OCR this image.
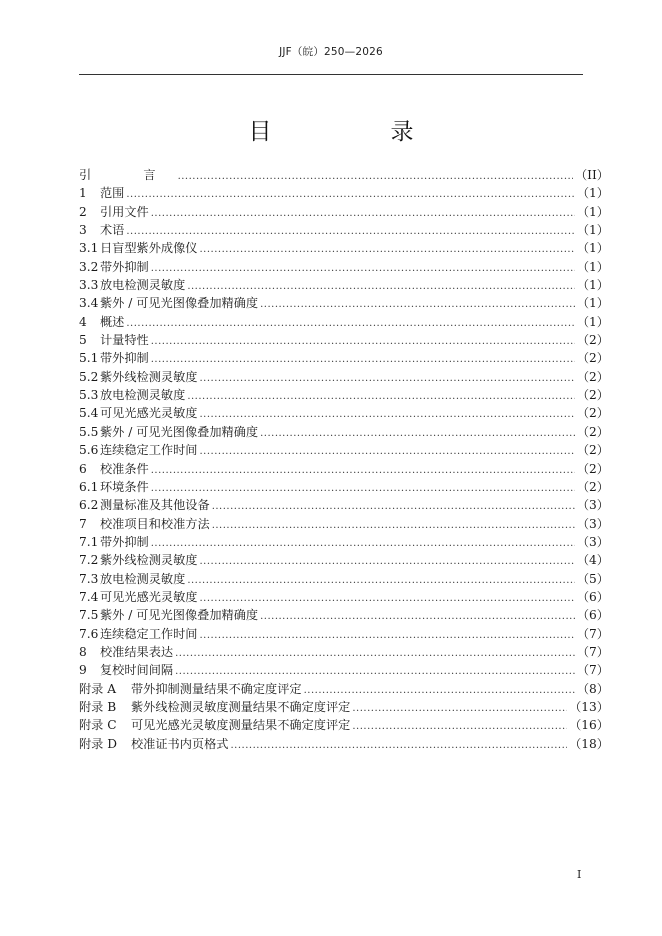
JJF（皖）250—2026
目　录
引　言 .....	（II）
1	范围 .....	（1）
2	引用文件 .....	（1）
3	术语 .....	（1）
3.1 日盲型紫外成像仪 .....	（1）
3.2 带外抑制 .....	（1）
3.3 放电检测灵敏度 .....	（1）
3.4 紫外 / 可见光图像叠加精确度 .....	（1）
4	概述 .....	（1）
5	计量特性 .....	（2）
5.1 带外抑制 .....	（2）
5.2 紫外线检测灵敏度 .....	（2）
5.3 放电检测灵敏度 .....	（2）
5.4 可见光感光灵敏度 .....	（2）
5.5 紫外 / 可见光图像叠加精确度 .....	（2）
5.6 连续稳定工作时间 .....	（2）
6	校准条件 .....	（2）
6.1 环境条件 .....	（2）
6.2 测量标准及其他设备 .....	（3）
7	校准项目和校准方法 .....	（3）
7.1 带外抑制 .....	（3）
7.2 紫外线检测灵敏度 .....	（4）
7.3 放电检测灵敏度 .....	（5）
7.4 可见光感光灵敏度 .....	（6）
7.5 紫外 / 可见光图像叠加精确度 .....	（6）
7.6 连续稳定工作时间 .....	（7）
8	校准结果表达 .....	（7）
9	复校时间间隔 .....	（7）
附录 A	带外抑制测量结果不确定度评定 .....	（8）
附录 B	紫外线检测灵敏度测量结果不确定度评定 .....	（13）
附录 C	可见光感光灵敏度测量结果不确定度评定 .....	（16）
附录 D	校准证书内页格式 .....	（18）
I
